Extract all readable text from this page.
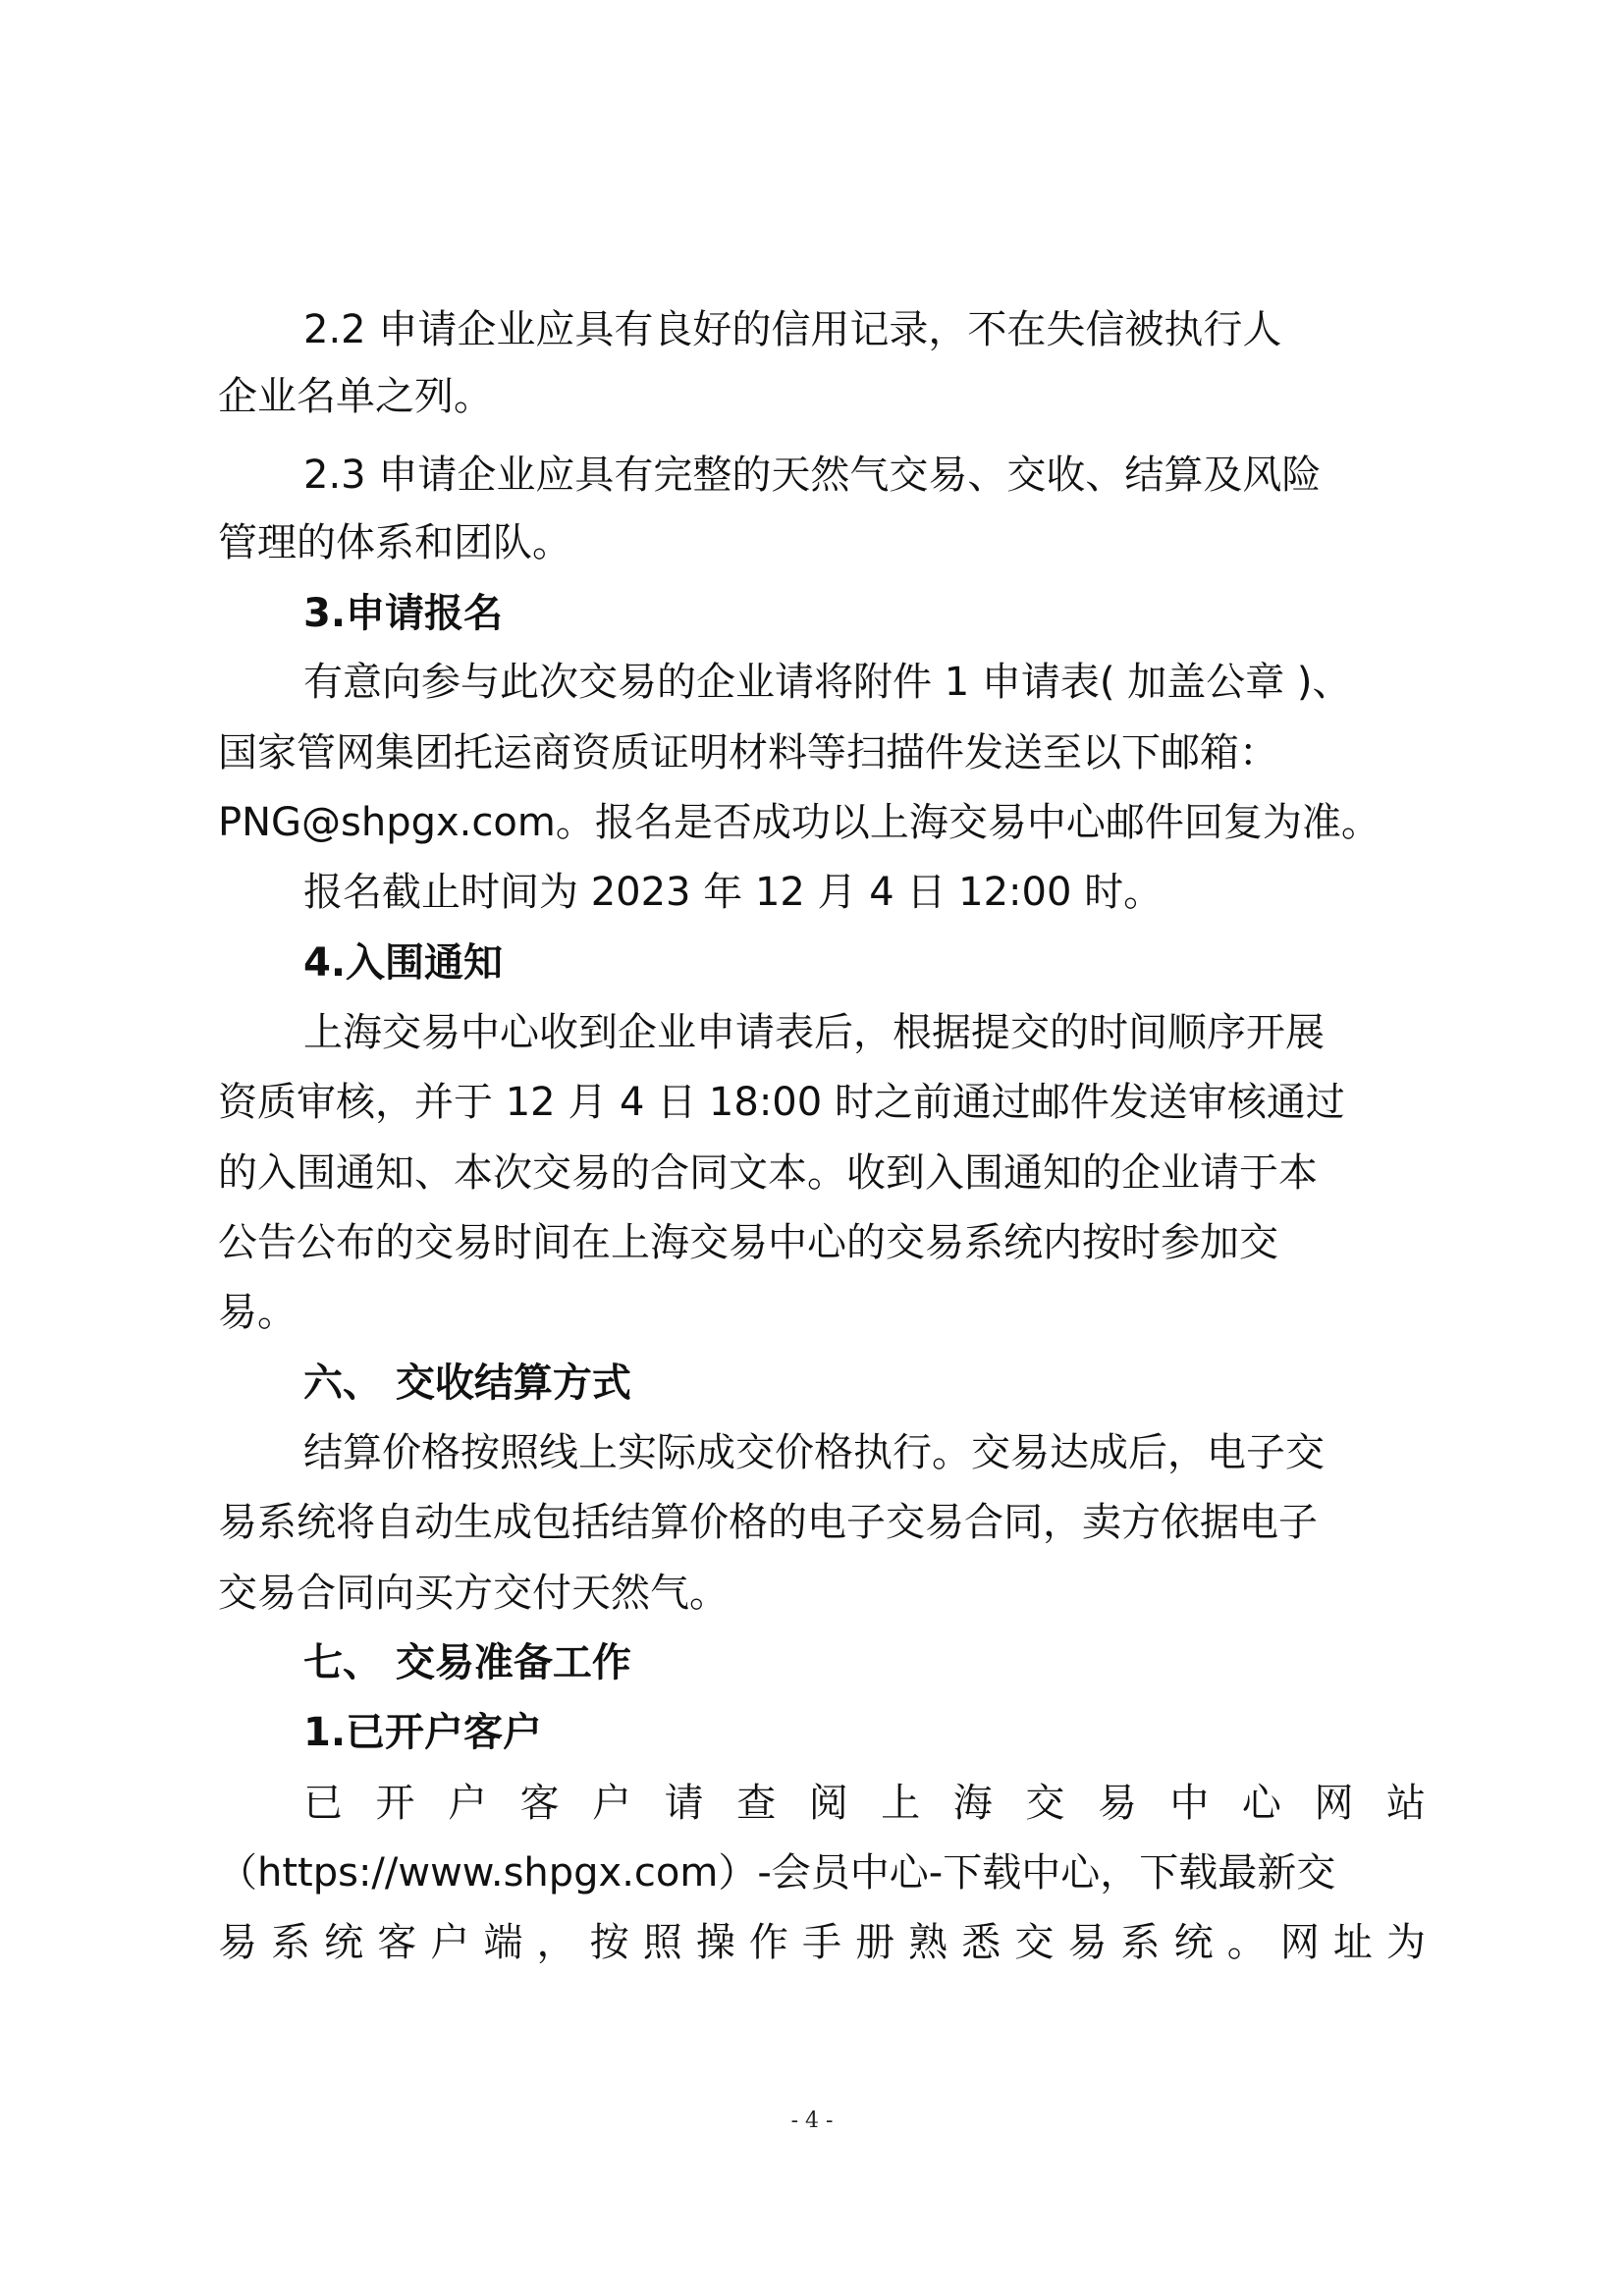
2.2 申请企业应具有良好的信用记录，不在失信被执行人
企业名单之列。
2.3 申请企业应具有完整的天然气交易、交收、结算及风险
管理的体系和团队。
3.申请报名
有意向参与此次交易的企业请将附件 1 申请表( 加盖公章 )、
国家管网集团托运商资质证明材料等扫描件发送至以下邮箱：
PNG@shpgx.com。报名是否成功以上海交易中心邮件回复为准。
报名截止时间为 2023 年 12 月 4 日 12:00 时。
4.入围通知
上海交易中心收到企业申请表后，根据提交的时间顺序开展
资质审核，并于 12 月 4 日 18:00 时之前通过邮件发送审核通过
的入围通知、本次交易的合同文本。收到入围通知的企业请于本
公告公布的交易时间在上海交易中心的交易系统内按时参加交
易。
六、 交收结算方式
结算价格按照线上实际成交价格执行。交易达成后，电子交
易系统将自动生成包括结算价格的电子交易合同，卖方依据电子
交易合同向买方交付天然气。
七、 交易准备工作
1.已开户客户
已开户客户请查阅上海交易中心网站
（https://www.shpgx.com）-会员中心-下载中心，下载最新交
易系统客户端，按照操作手册熟悉交易系统。网址为
- 4 -
